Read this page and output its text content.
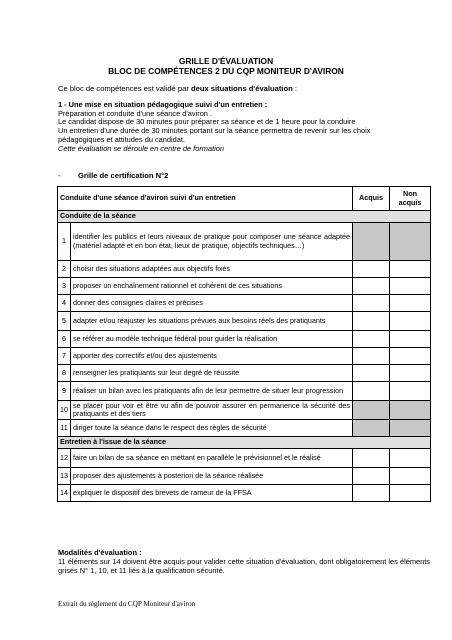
GRILLE D'ÉVALUATION
BLOC DE COMPÉTENCES 2 DU CQP MONITEUR D'AVIRON
Ce bloc de compétences est validé par deux situations d'évaluation :
1 - Une mise en situation pédagogique suivi d'un entretien :
Préparation et conduite d'une séance d'aviron .
Le candidat dispose de 30 minutes pour préparer sa séance et de 1 heure pour la conduire
Un entretien d'une durée de 30 minutes portant sur la séance permettra de revenir sur les choix pédagogiques et attitudes du candidat.
Cette évaluation se déroule en centre de formation
- Grille de certification N°2
Conduite d'une séance d'aviron suivi d'un entretien		Acquis	Non acquis
Conduite de la séance			
1	identifier les publics et leurs niveaux de pratique pour composer une séance adaptée (matériel adapté et en bon état, lieux de pratique, objectifs techniques…)		
2	choisir des situations adaptées aux objectifs fixés		
3	proposer un enchaînement rationnel et cohérent de ces situations		
4	donner des consignes claires et précises		
5	adapter et/ou réajuster les situations prévues aux besoins réels des pratiquants		
6	se référer au modèle technique fédéral pour guider la réalisation		
7	apporter des correctifs et/ou des ajustements		
8	renseigner les pratiquants sur leur degré de réussite		
9	réaliser un bilan avec les pratiquants afin de leur permettre de situer leur progression		
10	se placer pour voir et être vu afin de pouvoir assurer en permanence la sécurité des pratiquants et des tiers		
11	diriger toute la séance dans le respect des règles de sécurité		
Entretien à l'issue de la séance			
12	faire un bilan de sa séance en mettant en parallèle le prévisionnel et le réalisé		
13	proposer des ajustements à posteriori de la séance réalisée		
14	expliquer le dispositif des brevets de rameur de la FFSA		
Modalités d'évaluation :
11 éléments sur 14 doivent être acquis pour valider cette situation d'évaluation, dont obligatoirement les éléments grisés N° 1, 10, et 11 liés à la qualification sécurité.
Extrait du règlement du CQP Moniteur d'aviron
